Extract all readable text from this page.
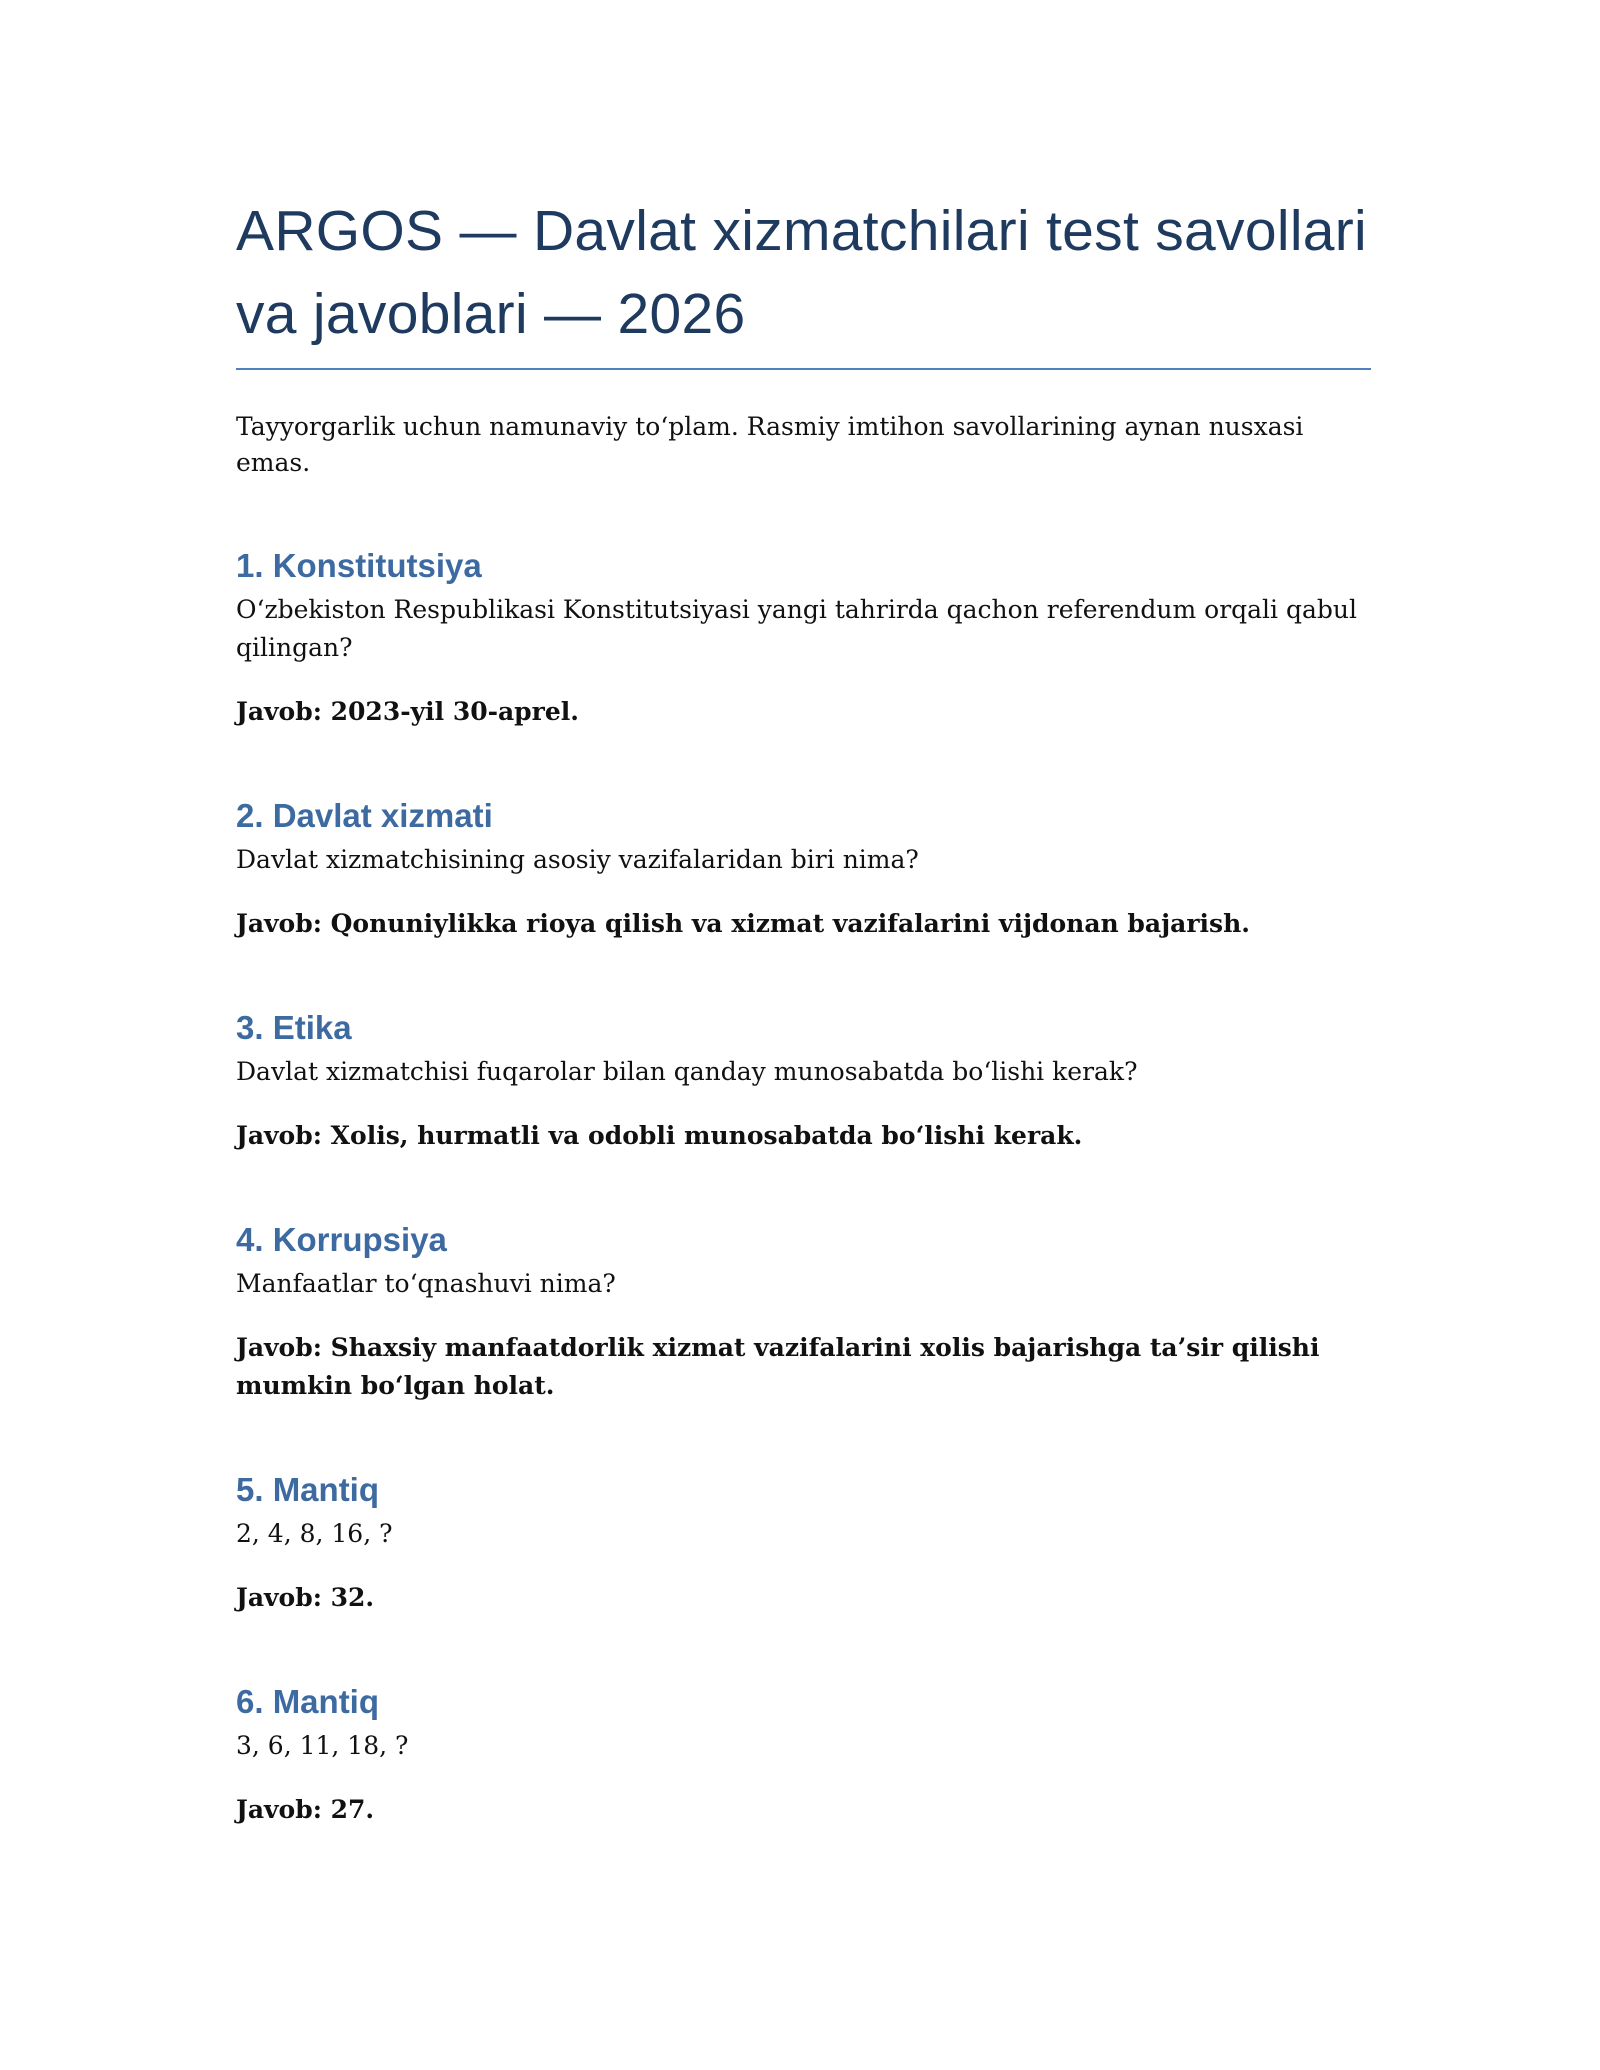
ARGOS — Davlat xizmatchilari test savollari va javoblari — 2026
Tayyorgarlik uchun namunaviy to‘plam. Rasmiy imtihon savollarining aynan nusxasi emas.
1. Konstitutsiya
O‘zbekiston Respublikasi Konstitutsiyasi yangi tahrirda qachon referendum orqali qabul qilingan?
Javob: 2023-yil 30-aprel.
2. Davlat xizmati
Davlat xizmatchisining asosiy vazifalaridan biri nima?
Javob: Qonuniylikka rioya qilish va xizmat vazifalarini vijdonan bajarish.
3. Etika
Davlat xizmatchisi fuqarolar bilan qanday munosabatda bo‘lishi kerak?
Javob: Xolis, hurmatli va odobli munosabatda bo‘lishi kerak.
4. Korrupsiya
Manfaatlar to‘qnashuvi nima?
Javob: Shaxsiy manfaatdorlik xizmat vazifalarini xolis bajarishga ta’sir qilishi mumkin bo‘lgan holat.
5. Mantiq
2, 4, 8, 16, ?
Javob: 32.
6. Mantiq
3, 6, 11, 18, ?
Javob: 27.
